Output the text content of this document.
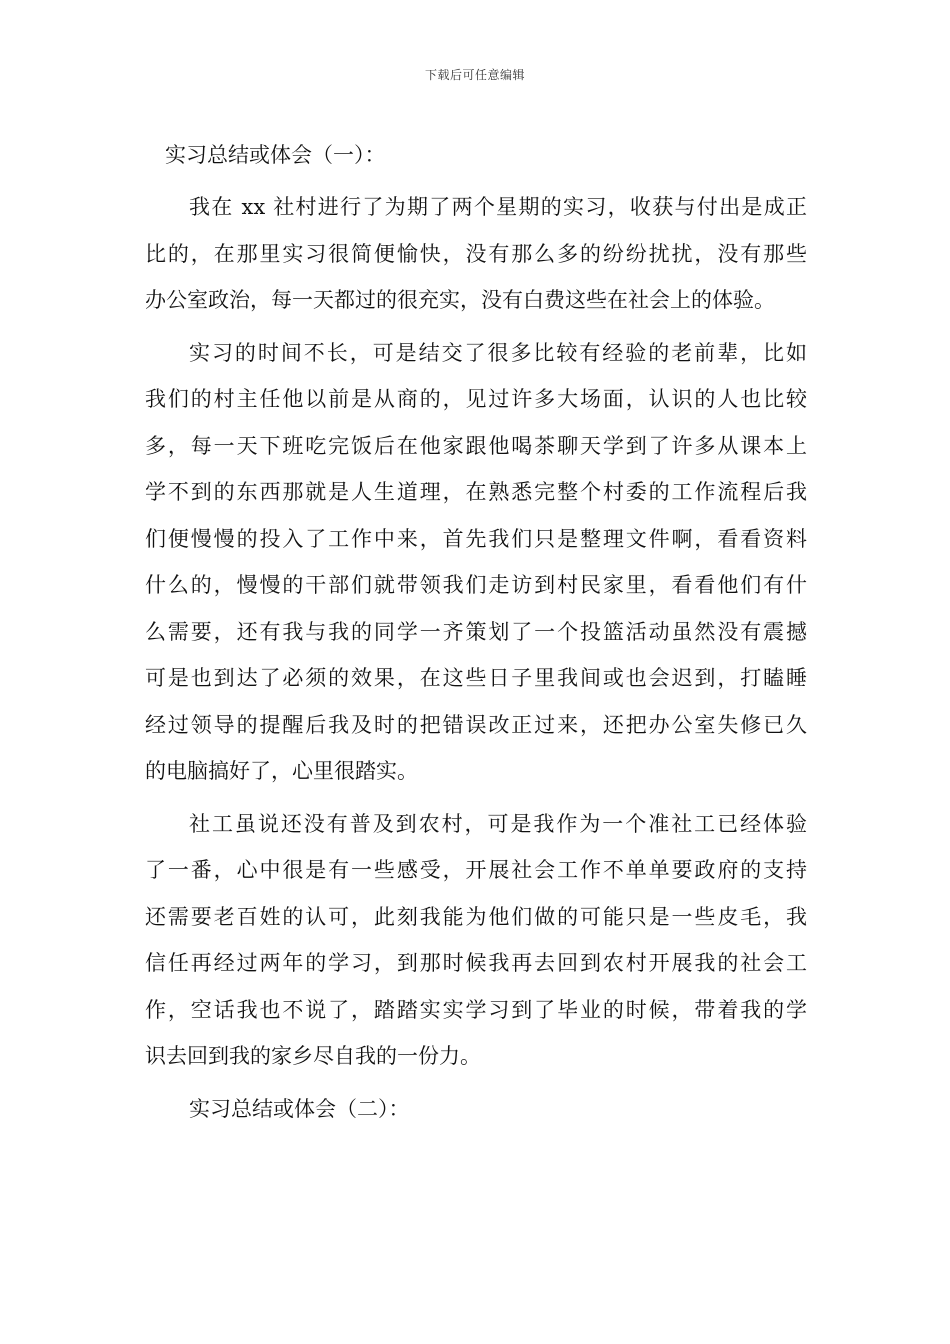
下载后可任意编辑
实习总结或体会（一）：
我在 xx 社村进行了为期了两个星期的实习，收获与付出是成正
比的，在那里实习很简便愉快，没有那么多的纷纷扰扰，没有那些
办公室政治，每一天都过的很充实，没有白费这些在社会上的体验。
实习的时间不长，可是结交了很多比较有经验的老前辈，比如
我们的村主任他以前是从商的，见过许多大场面，认识的人也比较
多，每一天下班吃完饭后在他家跟他喝茶聊天学到了许多从课本上
学不到的东西那就是人生道理，在熟悉完整个村委的工作流程后我
们便慢慢的投入了工作中来，首先我们只是整理文件啊，看看资料
什么的，慢慢的干部们就带领我们走访到村民家里，看看他们有什
么需要，还有我与我的同学一齐策划了一个投篮活动虽然没有震撼
可是也到达了必须的效果，在这些日子里我间或也会迟到，打瞌睡
经过领导的提醒后我及时的把错误改正过来，还把办公室失修已久
的电脑搞好了，心里很踏实。
社工虽说还没有普及到农村，可是我作为一个准社工已经体验
了一番，心中很是有一些感受，开展社会工作不单单要政府的支持
还需要老百姓的认可，此刻我能为他们做的可能只是一些皮毛，我
信任再经过两年的学习，到那时候我再去回到农村开展我的社会工
作，空话我也不说了，踏踏实实学习到了毕业的时候，带着我的学
识去回到我的家乡尽自我的一份力。
实习总结或体会（二）：
